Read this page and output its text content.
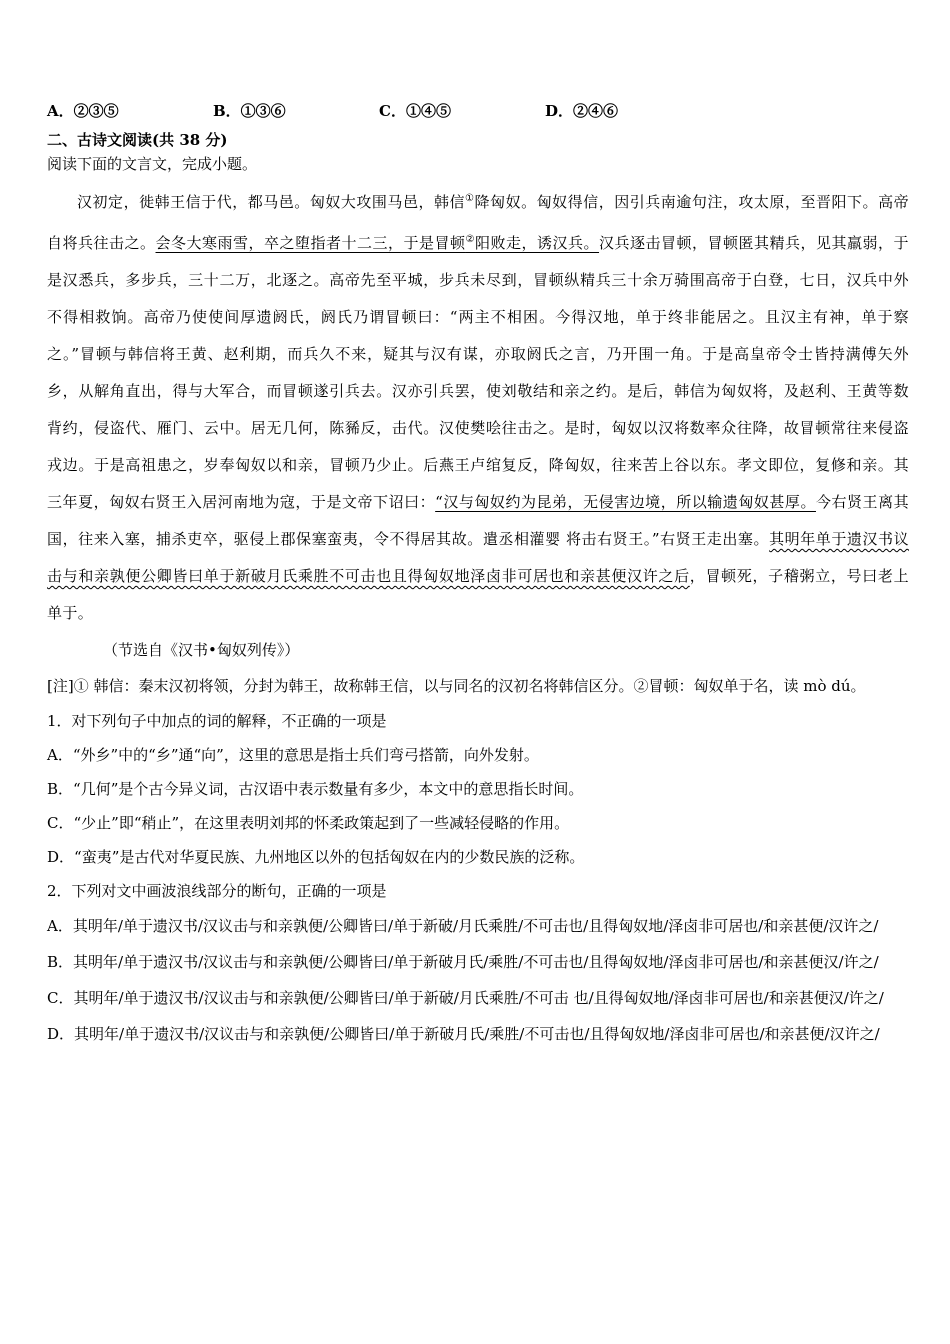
A．②③⑤	B．①③⑥	C．①④⑤	D．②④⑥
二、古诗文阅读(共 38 分)
阅读下面的文言文，完成小题。
汉初定，徙韩王信于代，都马邑。匈奴大攻围马邑，韩信①降匈奴。匈奴得信，因引兵南逾句注，攻太原，至晋阳下。高帝自将兵往击之。会冬大寒雨雪，卒之堕指者十二三，于是冒顿②阳败走，诱汉兵。汉兵逐击冒顿，冒顿匿其精兵，见其羸弱，于是汉悉兵，多步兵，三十二万，北逐之。高帝先至平城，步兵未尽到，冒顿纵精兵三十余万骑围高帝于白登，七日，汉兵中外不得相救饷。高帝乃使使间厚遗阏氏，阏氏乃谓冒顿曰：“两主不相困。今得汉地，单于终非能居之。且汉主有神，单于察之。”冒顿与韩信将王黄、赵利期，而兵久不来，疑其与汉有谋，亦取阏氏之言，乃开围一角。于是高皇帝令士皆持满傅矢外乡，从解角直出，得与大军合，而冒顿遂引兵去。汉亦引兵罢，使刘敬结和亲之约。是后，韩信为匈奴将，及赵利、王黄等数背约，侵盗代、雁门、云中。居无几何，陈豨反，击代。汉使樊哙往击之。是时，匈奴以汉将数率众往降，故冒顿常往来侵盗戎边。于是高祖患之，岁奉匈奴以和亲，冒顿乃少止。后燕王卢绾复反，降匈奴，往来苦上谷以东。孝文即位，复修和亲。其三年夏，匈奴右贤王入居河南地为寇，于是文帝下诏曰：“汉与匈奴约为昆弟，无侵害边境，所以输遗匈奴甚厚。今右贤王离其国，往来入塞，捕杀吏卒，驱侵上郡保塞蛮夷，令不得居其故。遣丞相灌婴 将击右贤王。”右贤王走出塞。其明年单于遗汉书议击与和亲孰便公卿皆曰单于新破月氏乘胜不可击也且得匈奴地泽卤非可居也和亲甚便汉许之后，冒顿死，子稽粥立，号曰老上单于。
（节选自《汉书•匈奴列传》）
[注]① 韩信：秦末汉初将领，分封为韩王，故称韩王信，以与同名的汉初名将韩信区分。②冒顿：匈奴单于名，读 mò dú。
1．对下列句子中加点的词的解释，不正确的一项是
A．“外乡”中的“乡”通“向”，这里的意思是指士兵们弯弓搭箭，向外发射。
B．“几何”是个古今异义词，古汉语中表示数量有多少，本文中的意思指长时间。
C．“少止”即“稍止”，在这里表明刘邦的怀柔政策起到了一些减轻侵略的作用。
D．“蛮夷”是古代对华夏民族、九州地区以外的包括匈奴在内的少数民族的泛称。
2．下列对文中画波浪线部分的断句，正确的一项是
A．其明年/单于遗汉书/汉议击与和亲孰便/公卿皆曰/单于新破/月氏乘胜/不可击也/且得匈奴地/泽卤非可居也/和亲甚便/汉许之/
B．其明年/单于遗汉书/汉议击与和亲孰便/公卿皆曰/单于新破月氏/乘胜/不可击也/且得匈奴地/泽卤非可居也/和亲甚便汉/许之/
C．其明年/单于遗汉书/汉议击与和亲孰便/公卿皆曰/单于新破/月氏乘胜/不可击 也/且得匈奴地/泽卤非可居也/和亲甚便汉/许之/
D．其明年/单于遗汉书/汉议击与和亲孰便/公卿皆曰/单于新破月氏/乘胜/不可击也/且得匈奴地/泽卤非可居也/和亲甚便/汉许之/
